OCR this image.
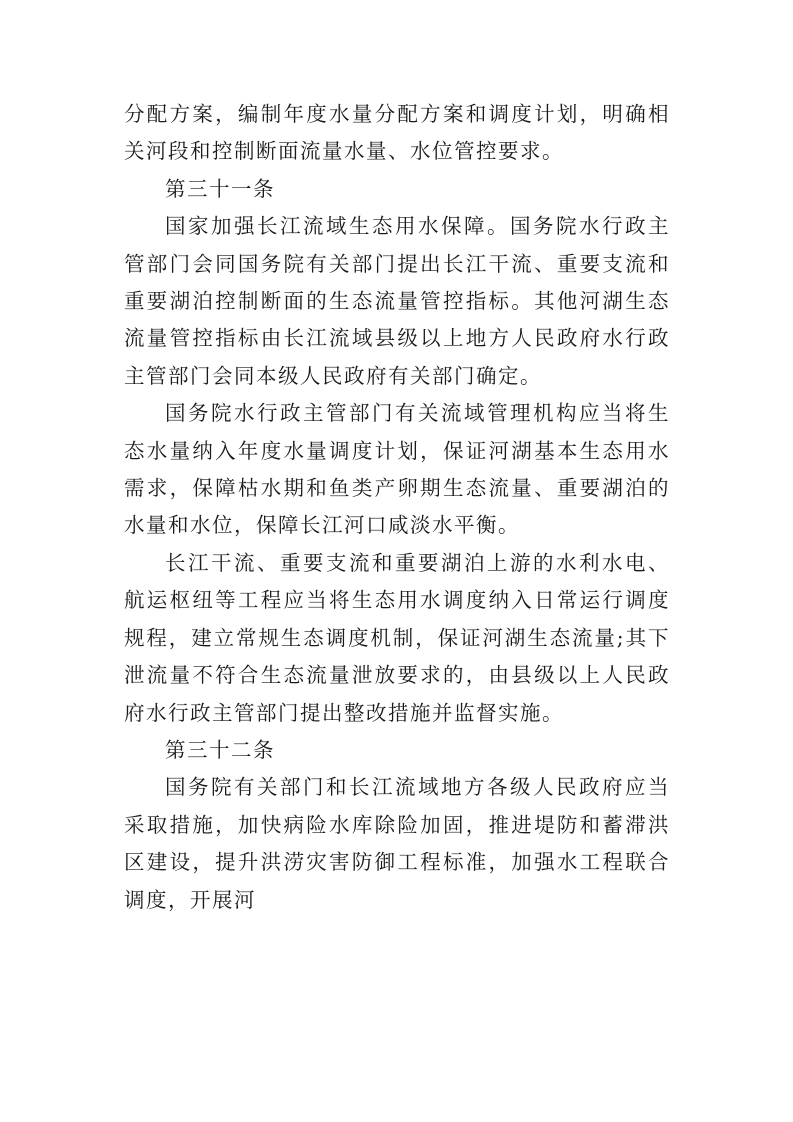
分配方案，编制年度水量分配方案和调度计划，明确相关河段和控制断面流量水量、水位管控要求。

第三十一条

国家加强长江流域生态用水保障。国务院水行政主管部门会同国务院有关部门提出长江干流、重要支流和重要湖泊控制断面的生态流量管控指标。其他河湖生态流量管控指标由长江流域县级以上地方人民政府水行政主管部门会同本级人民政府有关部门确定。

国务院水行政主管部门有关流域管理机构应当将生态水量纳入年度水量调度计划，保证河湖基本生态用水需求，保障枯水期和鱼类产卵期生态流量、重要湖泊的水量和水位，保障长江河口咸淡水平衡。

长江干流、重要支流和重要湖泊上游的水利水电、航运枢纽等工程应当将生态用水调度纳入日常运行调度规程，建立常规生态调度机制，保证河湖生态流量;其下泄流量不符合生态流量泄放要求的，由县级以上人民政府水行政主管部门提出整改措施并监督实施。

第三十二条

国务院有关部门和长江流域地方各级人民政府应当采取措施，加快病险水库除险加固，推进堤防和蓄滞洪区建设，提升洪涝灾害防御工程标准，加强水工程联合调度，开展河
